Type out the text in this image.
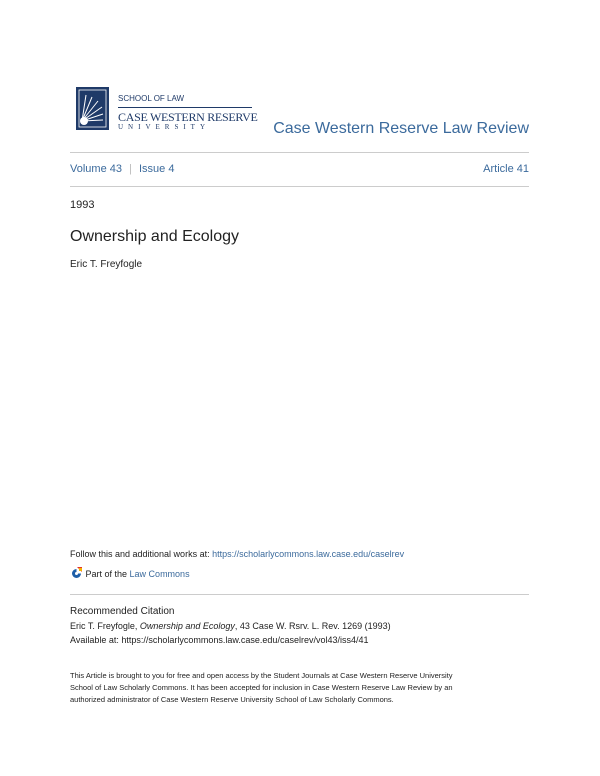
SCHOOL OF LAW
CASE WESTERN RESERVE
UNIVERSITY	Case Western Reserve Law Review
Volume 43 | Issue 4	Article 41
1993
Ownership and Ecology
Eric T. Freyfogle
Follow this and additional works at: https://scholarlycommons.law.case.edu/caselrev
Part of the Law Commons
Recommended Citation
Eric T. Freyfogle, Ownership and Ecology, 43 Case W. Rsrv. L. Rev. 1269 (1993)
Available at: https://scholarlycommons.law.case.edu/caselrev/vol43/iss4/41
This Article is brought to you for free and open access by the Student Journals at Case Western Reserve University
School of Law Scholarly Commons. It has been accepted for inclusion in Case Western Reserve Law Review by an
authorized administrator of Case Western Reserve University School of Law Scholarly Commons.
